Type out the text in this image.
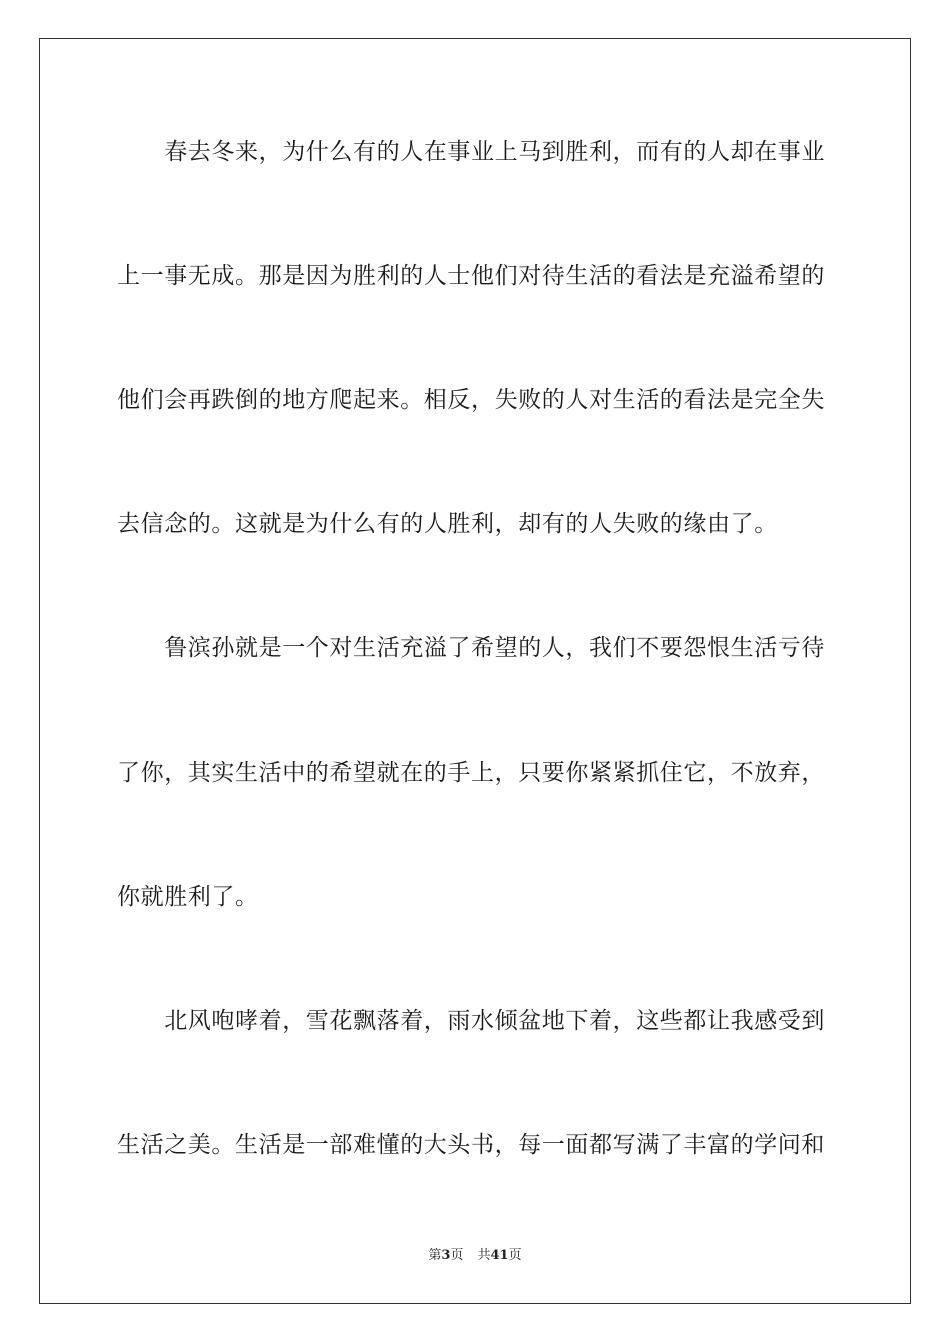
　　春去冬来，为什么有的人在事业上马到胜利，而有的人却在事业
上一事无成。那是因为胜利的人士他们对待生活的看法是充溢希望的
他们会再跌倒的地方爬起来。相反，失败的人对生活的看法是完全失
去信念的。这就是为什么有的人胜利，却有的人失败的缘由了。
　　鲁滨孙就是一个对生活充溢了希望的人，我们不要怨恨生活亏待
了你，其实生活中的希望就在的手上，只要你紧紧抓住它，不放弃，
你就胜利了。
　　北风咆哮着，雪花飘落着，雨水倾盆地下着，这些都让我感受到
生活之美。生活是一部难懂的大头书，每一面都写满了丰富的学问和
第3页 共41页
